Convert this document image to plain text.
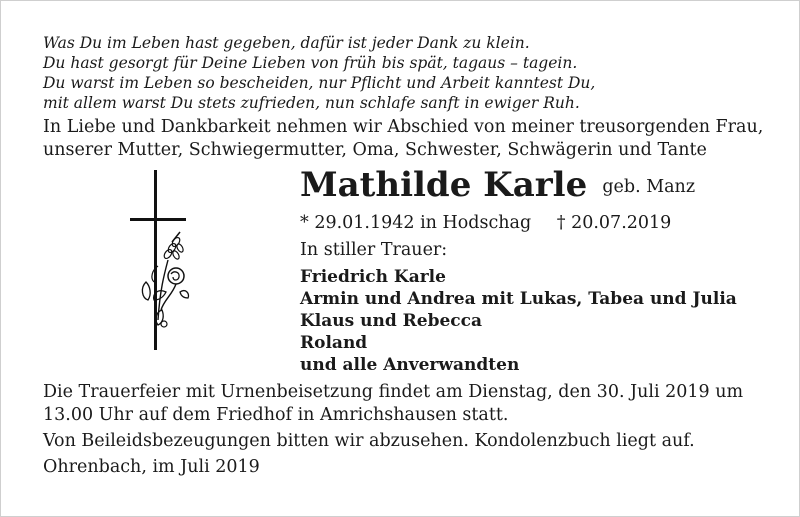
Was Du im Leben hast gegeben, dafür ist jeder Dank zu klein.
Du hast gesorgt für Deine Lieben von früh bis spät, tagaus – tagein.
Du warst im Leben so bescheiden, nur Pflicht und Arbeit kanntest Du,
mit allem warst Du stets zufrieden, nun schlafe sanft in ewiger Ruh.
In Liebe und Dankbarkeit nehmen wir Abschied von meiner treusorgenden Frau,
unserer Mutter, Schwiegermutter, Oma, Schwester, Schwägerin und Tante
Mathilde Karle geb. Manz
* 29.01.1942 in Hodschag † 20.07.2019
In stiller Trauer:
Friedrich Karle
Armin und Andrea mit Lukas, Tabea und Julia
Klaus und Rebecca
Roland
und alle Anverwandten
Die Trauerfeier mit Urnenbeisetzung findet am Dienstag, den 30. Juli 2019 um
13.00 Uhr auf dem Friedhof in Amrichshausen statt.
Von Beileidsbezeugungen bitten wir abzusehen. Kondolenzbuch liegt auf.
Ohrenbach, im Juli 2019
